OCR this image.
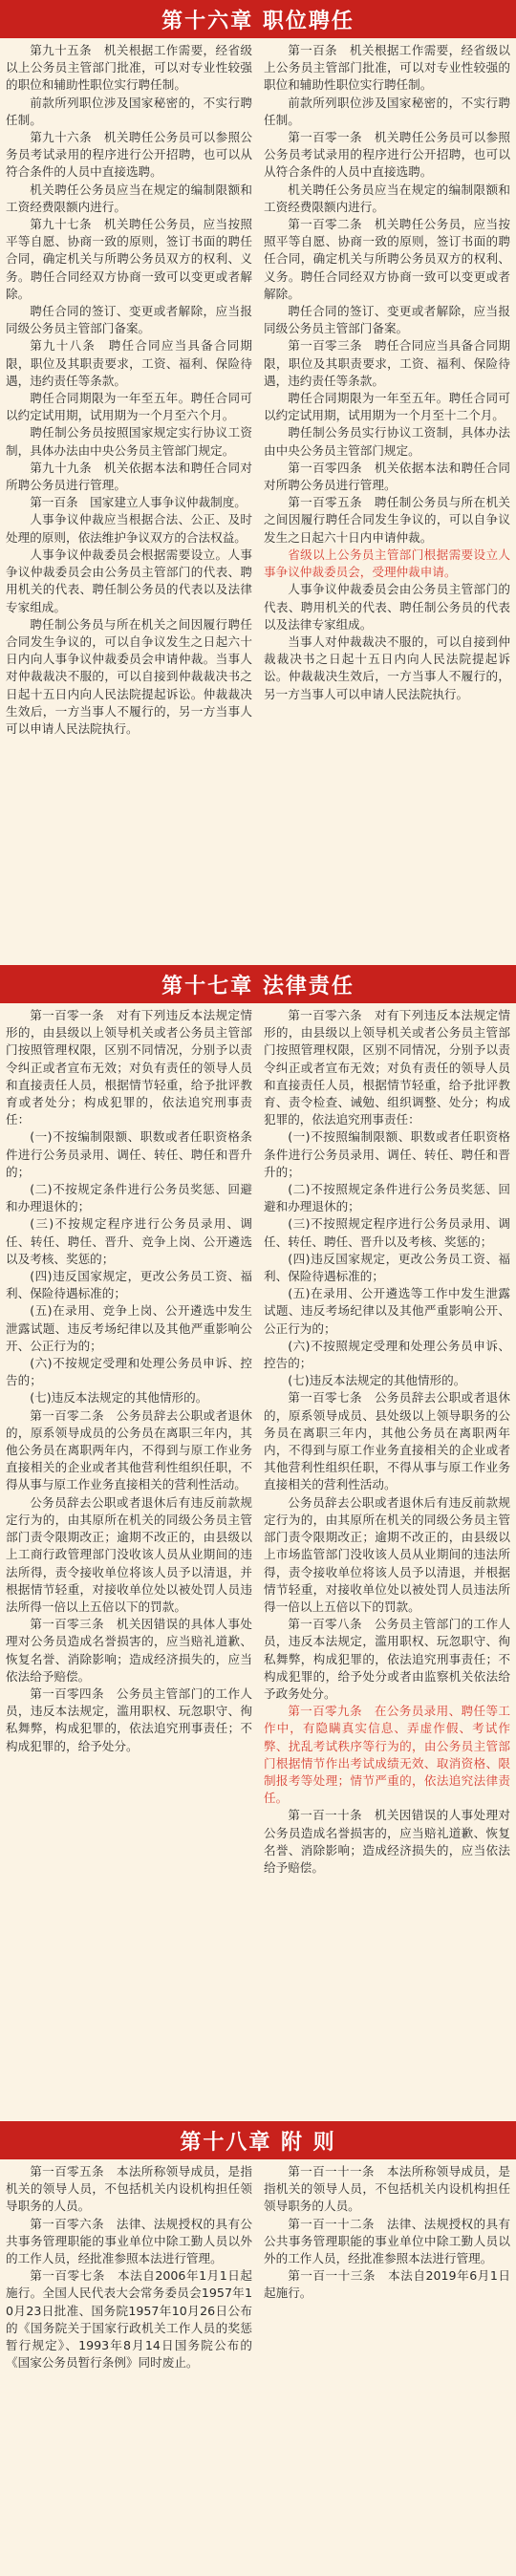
第十六章 职位聘任

第九十五条　机关根据工作需要，经省级以上公务员主管部门批准，可以对专业性较强的职位和辅助性职位实行聘任制。

前款所列职位涉及国家秘密的，不实行聘任制。

第九十六条　机关聘任公务员可以参照公务员考试录用的程序进行公开招聘，也可以从符合条件的人员中直接选聘。

机关聘任公务员应当在规定的编制限额和工资经费限额内进行。

第九十七条　机关聘任公务员，应当按照平等自愿、协商一致的原则，签订书面的聘任合同，确定机关与所聘公务员双方的权利、义务。聘任合同经双方协商一致可以变更或者解除。

聘任合同的签订、变更或者解除，应当报同级公务员主管部门备案。

第九十八条　聘任合同应当具备合同期限，职位及其职责要求，工资、福利、保险待遇，违约责任等条款。

聘任合同期限为一年至五年。聘任合同可以约定试用期，试用期为一个月至六个月。

聘任制公务员按照国家规定实行协议工资制，具体办法由中央公务员主管部门规定。

第九十九条　机关依据本法和聘任合同对所聘公务员进行管理。

第一百条　国家建立人事争议仲裁制度。

人事争议仲裁应当根据合法、公正、及时处理的原则，依法维护争议双方的合法权益。

人事争议仲裁委员会根据需要设立。人事争议仲裁委员会由公务员主管部门的代表、聘用机关的代表、聘任制公务员的代表以及法律专家组成。

聘任制公务员与所在机关之间因履行聘任合同发生争议的，可以自争议发生之日起六十日内向人事争议仲裁委员会申请仲裁。当事人对仲裁裁决不服的，可以自接到仲裁裁决书之日起十五日内向人民法院提起诉讼。仲裁裁决生效后，一方当事人不履行的，另一方当事人可以申请人民法院执行。

第一百条　机关根据工作需要，经省级以上公务员主管部门批准，可以对专业性较强的职位和辅助性职位实行聘任制。

前款所列职位涉及国家秘密的，不实行聘任制。

第一百零一条　机关聘任公务员可以参照公务员考试录用的程序进行公开招聘，也可以从符合条件的人员中直接选聘。

机关聘任公务员应当在规定的编制限额和工资经费限额内进行。

第一百零二条　机关聘任公务员，应当按照平等自愿、协商一致的原则，签订书面的聘任合同，确定机关与所聘公务员双方的权利、义务。聘任合同经双方协商一致可以变更或者解除。

聘任合同的签订、变更或者解除，应当报同级公务员主管部门备案。

第一百零三条　聘任合同应当具备合同期限，职位及其职责要求，工资、福利、保险待遇，违约责任等条款。

聘任合同期限为一年至五年。聘任合同可以约定试用期，试用期为一个月至十二个月。

聘任制公务员实行协议工资制，具体办法由中央公务员主管部门规定。

第一百零四条　机关依据本法和聘任合同对所聘公务员进行管理。

第一百零五条　聘任制公务员与所在机关之间因履行聘任合同发生争议的，可以自争议发生之日起六十日内申请仲裁。

省级以上公务员主管部门根据需要设立人事争议仲裁委员会，受理仲裁申请。

人事争议仲裁委员会由公务员主管部门的代表、聘用机关的代表、聘任制公务员的代表以及法律专家组成。

当事人对仲裁裁决不服的，可以自接到仲裁裁决书之日起十五日内向人民法院提起诉讼。仲裁裁决生效后，一方当事人不履行的，另一方当事人可以申请人民法院执行。

第十七章 法律责任

第一百零一条　对有下列违反本法规定情形的，由县级以上领导机关或者公务员主管部门按照管理权限，区别不同情况，分别予以责令纠正或者宣布无效；对负有责任的领导人员和直接责任人员，根据情节轻重，给予批评教育或者处分；构成犯罪的，依法追究刑事责任：

(一)不按编制限额、职数或者任职资格条件进行公务员录用、调任、转任、聘任和晋升的；

(二)不按规定条件进行公务员奖惩、回避和办理退休的；

(三)不按规定程序进行公务员录用、调任、转任、聘任、晋升、竞争上岗、公开遴选以及考核、奖惩的；

(四)违反国家规定，更改公务员工资、福利、保险待遇标准的；

(五)在录用、竞争上岗、公开遴选中发生泄露试题、违反考场纪律以及其他严重影响公开、公正行为的；

(六)不按规定受理和处理公务员申诉、控告的；

(七)违反本法规定的其他情形的。

第一百零二条　公务员辞去公职或者退休的，原系领导成员的公务员在离职三年内，其他公务员在离职两年内，不得到与原工作业务直接相关的企业或者其他营利性组织任职，不得从事与原工作业务直接相关的营利性活动。

公务员辞去公职或者退休后有违反前款规定行为的，由其原所在机关的同级公务员主管部门责令限期改正；逾期不改正的，由县级以上工商行政管理部门没收该人员从业期间的违法所得，责令接收单位将该人员予以清退，并根据情节轻重，对接收单位处以被处罚人员违法所得一倍以上五倍以下的罚款。

第一百零三条　机关因错误的具体人事处理对公务员造成名誉损害的，应当赔礼道歉、恢复名誉、消除影响；造成经济损失的，应当依法给予赔偿。

第一百零四条　公务员主管部门的工作人员，违反本法规定，滥用职权、玩忽职守、徇私舞弊，构成犯罪的，依法追究刑事责任；不构成犯罪的，给予处分。

第一百零六条　对有下列违反本法规定情形的，由县级以上领导机关或者公务员主管部门按照管理权限，区别不同情况，分别予以责令纠正或者宣布无效；对负有责任的领导人员和直接责任人员，根据情节轻重，给予批评教育、责令检查、诫勉、组织调整、处分；构成犯罪的，依法追究刑事责任：

(一)不按照编制限额、职数或者任职资格条件进行公务员录用、调任、转任、聘任和晋升的；

(二)不按照规定条件进行公务员奖惩、回避和办理退休的；

(三)不按照规定程序进行公务员录用、调任、转任、聘任、晋升以及考核、奖惩的；

(四)违反国家规定，更改公务员工资、福利、保险待遇标准的；

(五)在录用、公开遴选等工作中发生泄露试题、违反考场纪律以及其他严重影响公开、公正行为的；

(六)不按照规定受理和处理公务员申诉、控告的；

(七)违反本法规定的其他情形的。

第一百零七条　公务员辞去公职或者退休的，原系领导成员、县处级以上领导职务的公务员在离职三年内，其他公务员在离职两年内，不得到与原工作业务直接相关的企业或者其他营利性组织任职，不得从事与原工作业务直接相关的营利性活动。

公务员辞去公职或者退休后有违反前款规定行为的，由其原所在机关的同级公务员主管部门责令限期改正；逾期不改正的，由县级以上市场监管部门没收该人员从业期间的违法所得，责令接收单位将该人员予以清退，并根据情节轻重，对接收单位处以被处罚人员违法所得一倍以上五倍以下的罚款。

第一百零八条　公务员主管部门的工作人员，违反本法规定，滥用职权、玩忽职守、徇私舞弊，构成犯罪的，依法追究刑事责任；不构成犯罪的，给予处分或者由监察机关依法给予政务处分。

第一百零九条　在公务员录用、聘任等工作中，有隐瞒真实信息、弄虚作假、考试作弊、扰乱考试秩序等行为的，由公务员主管部门根据情节作出考试成绩无效、取消资格、限制报考等处理；情节严重的，依法追究法律责任。

第一百一十条　机关因错误的人事处理对公务员造成名誉损害的，应当赔礼道歉、恢复名誉、消除影响；造成经济损失的，应当依法给予赔偿。

第十八章 附 则

第一百零五条　本法所称领导成员，是指机关的领导人员，不包括机关内设机构担任领导职务的人员。

第一百零六条　法律、法规授权的具有公共事务管理职能的事业单位中除工勤人员以外的工作人员，经批准参照本法进行管理。

第一百零七条　本法自2006年1月1日起施行。全国人民代表大会常务委员会1957年10月23日批准、国务院1957年10月26日公布的《国务院关于国家行政机关工作人员的奖惩暂行规定》、1993年8月14日国务院公布的《国家公务员暂行条例》同时废止。

第一百一十一条　本法所称领导成员，是指机关的领导人员，不包括机关内设机构担任领导职务的人员。

第一百一十二条　法律、法规授权的具有公共事务管理职能的事业单位中除工勤人员以外的工作人员，经批准参照本法进行管理。

第一百一十三条　本法自2019年6月1日起施行。
